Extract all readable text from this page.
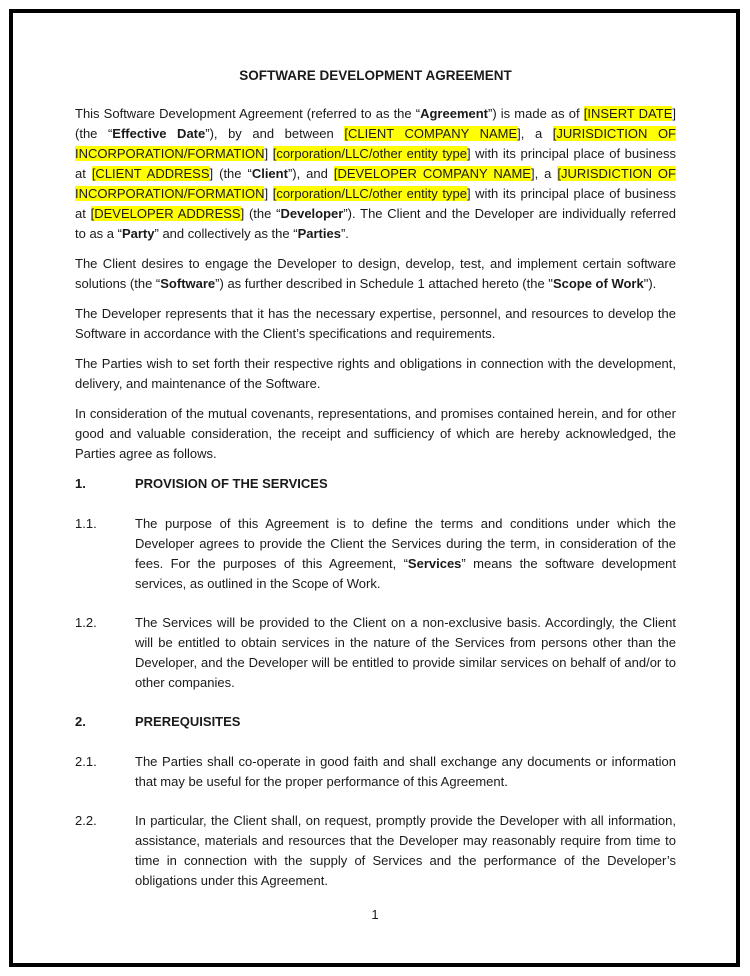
SOFTWARE DEVELOPMENT AGREEMENT

This Software Development Agreement (referred to as the “Agreement”) is made as of [INSERT DATE] (the “Effective Date”), by and between [CLIENT COMPANY NAME], a [JURISDICTION OF INCORPORATION/FORMATION] [corporation/LLC/other entity type] with its principal place of business at [CLIENT ADDRESS] (the “Client”), and [DEVELOPER COMPANY NAME], a [JURISDICTION OF INCORPORATION/FORMATION] [corporation/LLC/other entity type] with its principal place of business at [DEVELOPER ADDRESS] (the “Developer”). The Client and the Developer are individually referred to as a “Party” and collectively as the “Parties”.

The Client desires to engage the Developer to design, develop, test, and implement certain software solutions (the “Software”) as further described in Schedule 1 attached hereto (the "Scope of Work").

The Developer represents that it has the necessary expertise, personnel, and resources to develop the Software in accordance with the Client’s specifications and requirements.

The Parties wish to set forth their respective rights and obligations in connection with the development, delivery, and maintenance of the Software.

In consideration of the mutual covenants, representations, and promises contained herein, and for other good and valuable consideration, the receipt and sufficiency of which are hereby acknowledged, the Parties agree as follows.

1.	PROVISION OF THE SERVICES
1.1.	The purpose of this Agreement is to define the terms and conditions under which the Developer agrees to provide the Client the Services during the term, in consideration of the fees. For the purposes of this Agreement, “Services” means the software development services, as outlined in the Scope of Work.

1.2.	The Services will be provided to the Client on a non-exclusive basis. Accordingly, the Client will be entitled to obtain services in the nature of the Services from persons other than the Developer, and the Developer will be entitled to provide similar services on behalf of and/or to other companies.

2.	PREREQUISITES
2.1.	The Parties shall co-operate in good faith and shall exchange any documents or information that may be useful for the proper performance of this Agreement.

2.2.	In particular, the Client shall, on request, promptly provide the Developer with all information, assistance, materials and resources that the Developer may reasonably require from time to time in connection with the supply of Services and the performance of the Developer’s obligations under this Agreement.

1
